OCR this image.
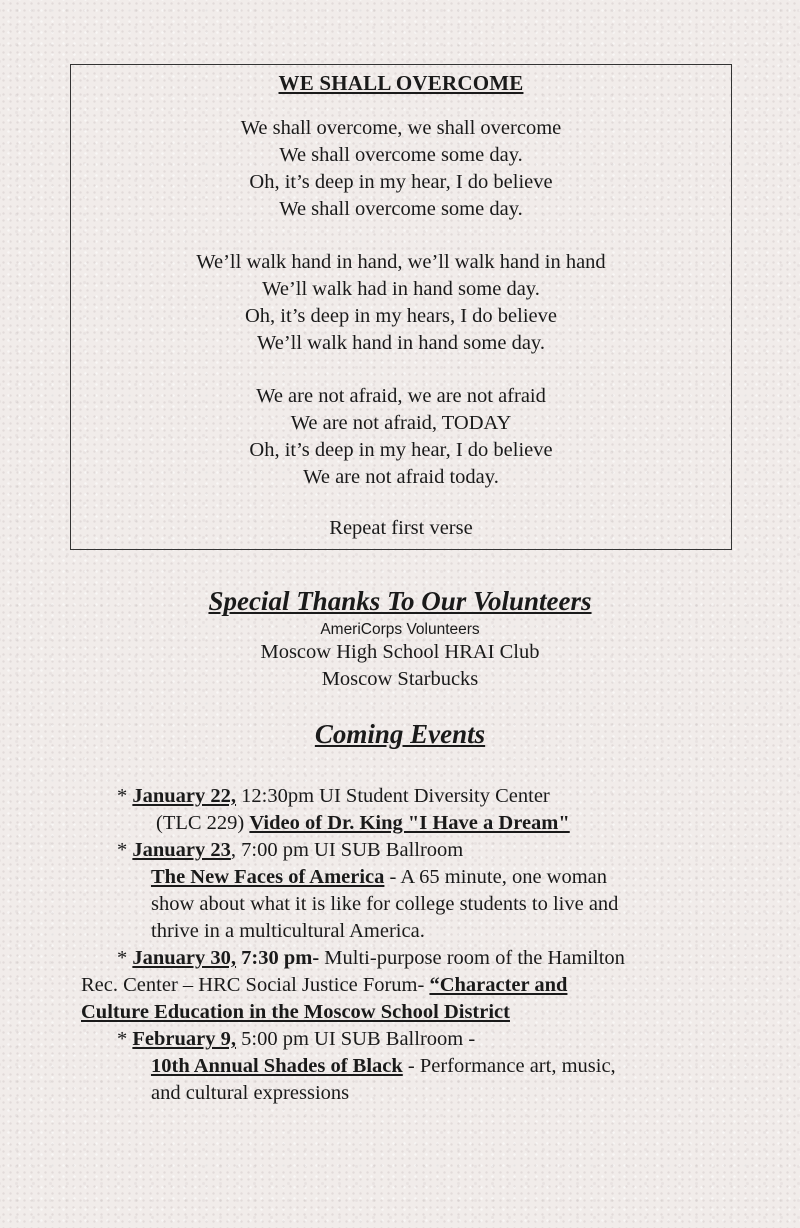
WE SHALL OVERCOME
We shall overcome, we shall overcome
We shall overcome some day.
Oh, it’s deep in my hear, I do believe
We shall overcome some day.
We’ll walk hand in hand, we’ll walk hand in hand
We’ll walk had in hand some day.
Oh, it’s deep in my hears, I do believe
We’ll walk hand in hand some day.
We are not afraid, we are not afraid
We are not afraid, TODAY
Oh, it’s deep in my hear, I do believe
We are not afraid today.
Repeat first verse
Special Thanks To Our Volunteers
AmeriCorps Volunteers
Moscow High School HRAI Club
Moscow Starbucks
Coming Events
* January 22, 12:30pm UI Student Diversity Center
(TLC 229) Video of Dr. King "I Have a Dream"
* January 23, 7:00 pm UI SUB Ballroom
The New Faces of America - A 65 minute, one woman
show about what it is like for college students to live and
thrive in a multicultural America.
* January 30, 7:30 pm- Multi-purpose room of the Hamilton
Rec. Center – HRC Social Justice Forum- “Character and
Culture Education in the Moscow School District
* February 9, 5:00 pm UI SUB Ballroom -
10th Annual Shades of Black - Performance art, music,
and cultural expressions
